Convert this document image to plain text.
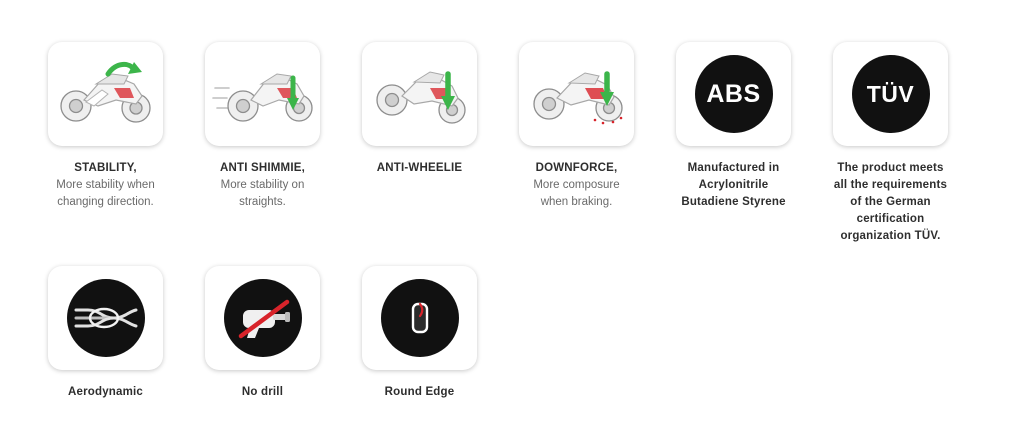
STABILITY,
More stability when changing direction.
ANTI SHIMMIE,
More stability on straights.
ANTI-WHEELIE	DOWNFORCE,
More composure when braking.
ABS
Manufactured in Acrylonitrile Butadiene Styrene
TÜV
The product meets all the requirements of the German certification organization TÜV.
Aerodynamic	No drill	Round Edge
